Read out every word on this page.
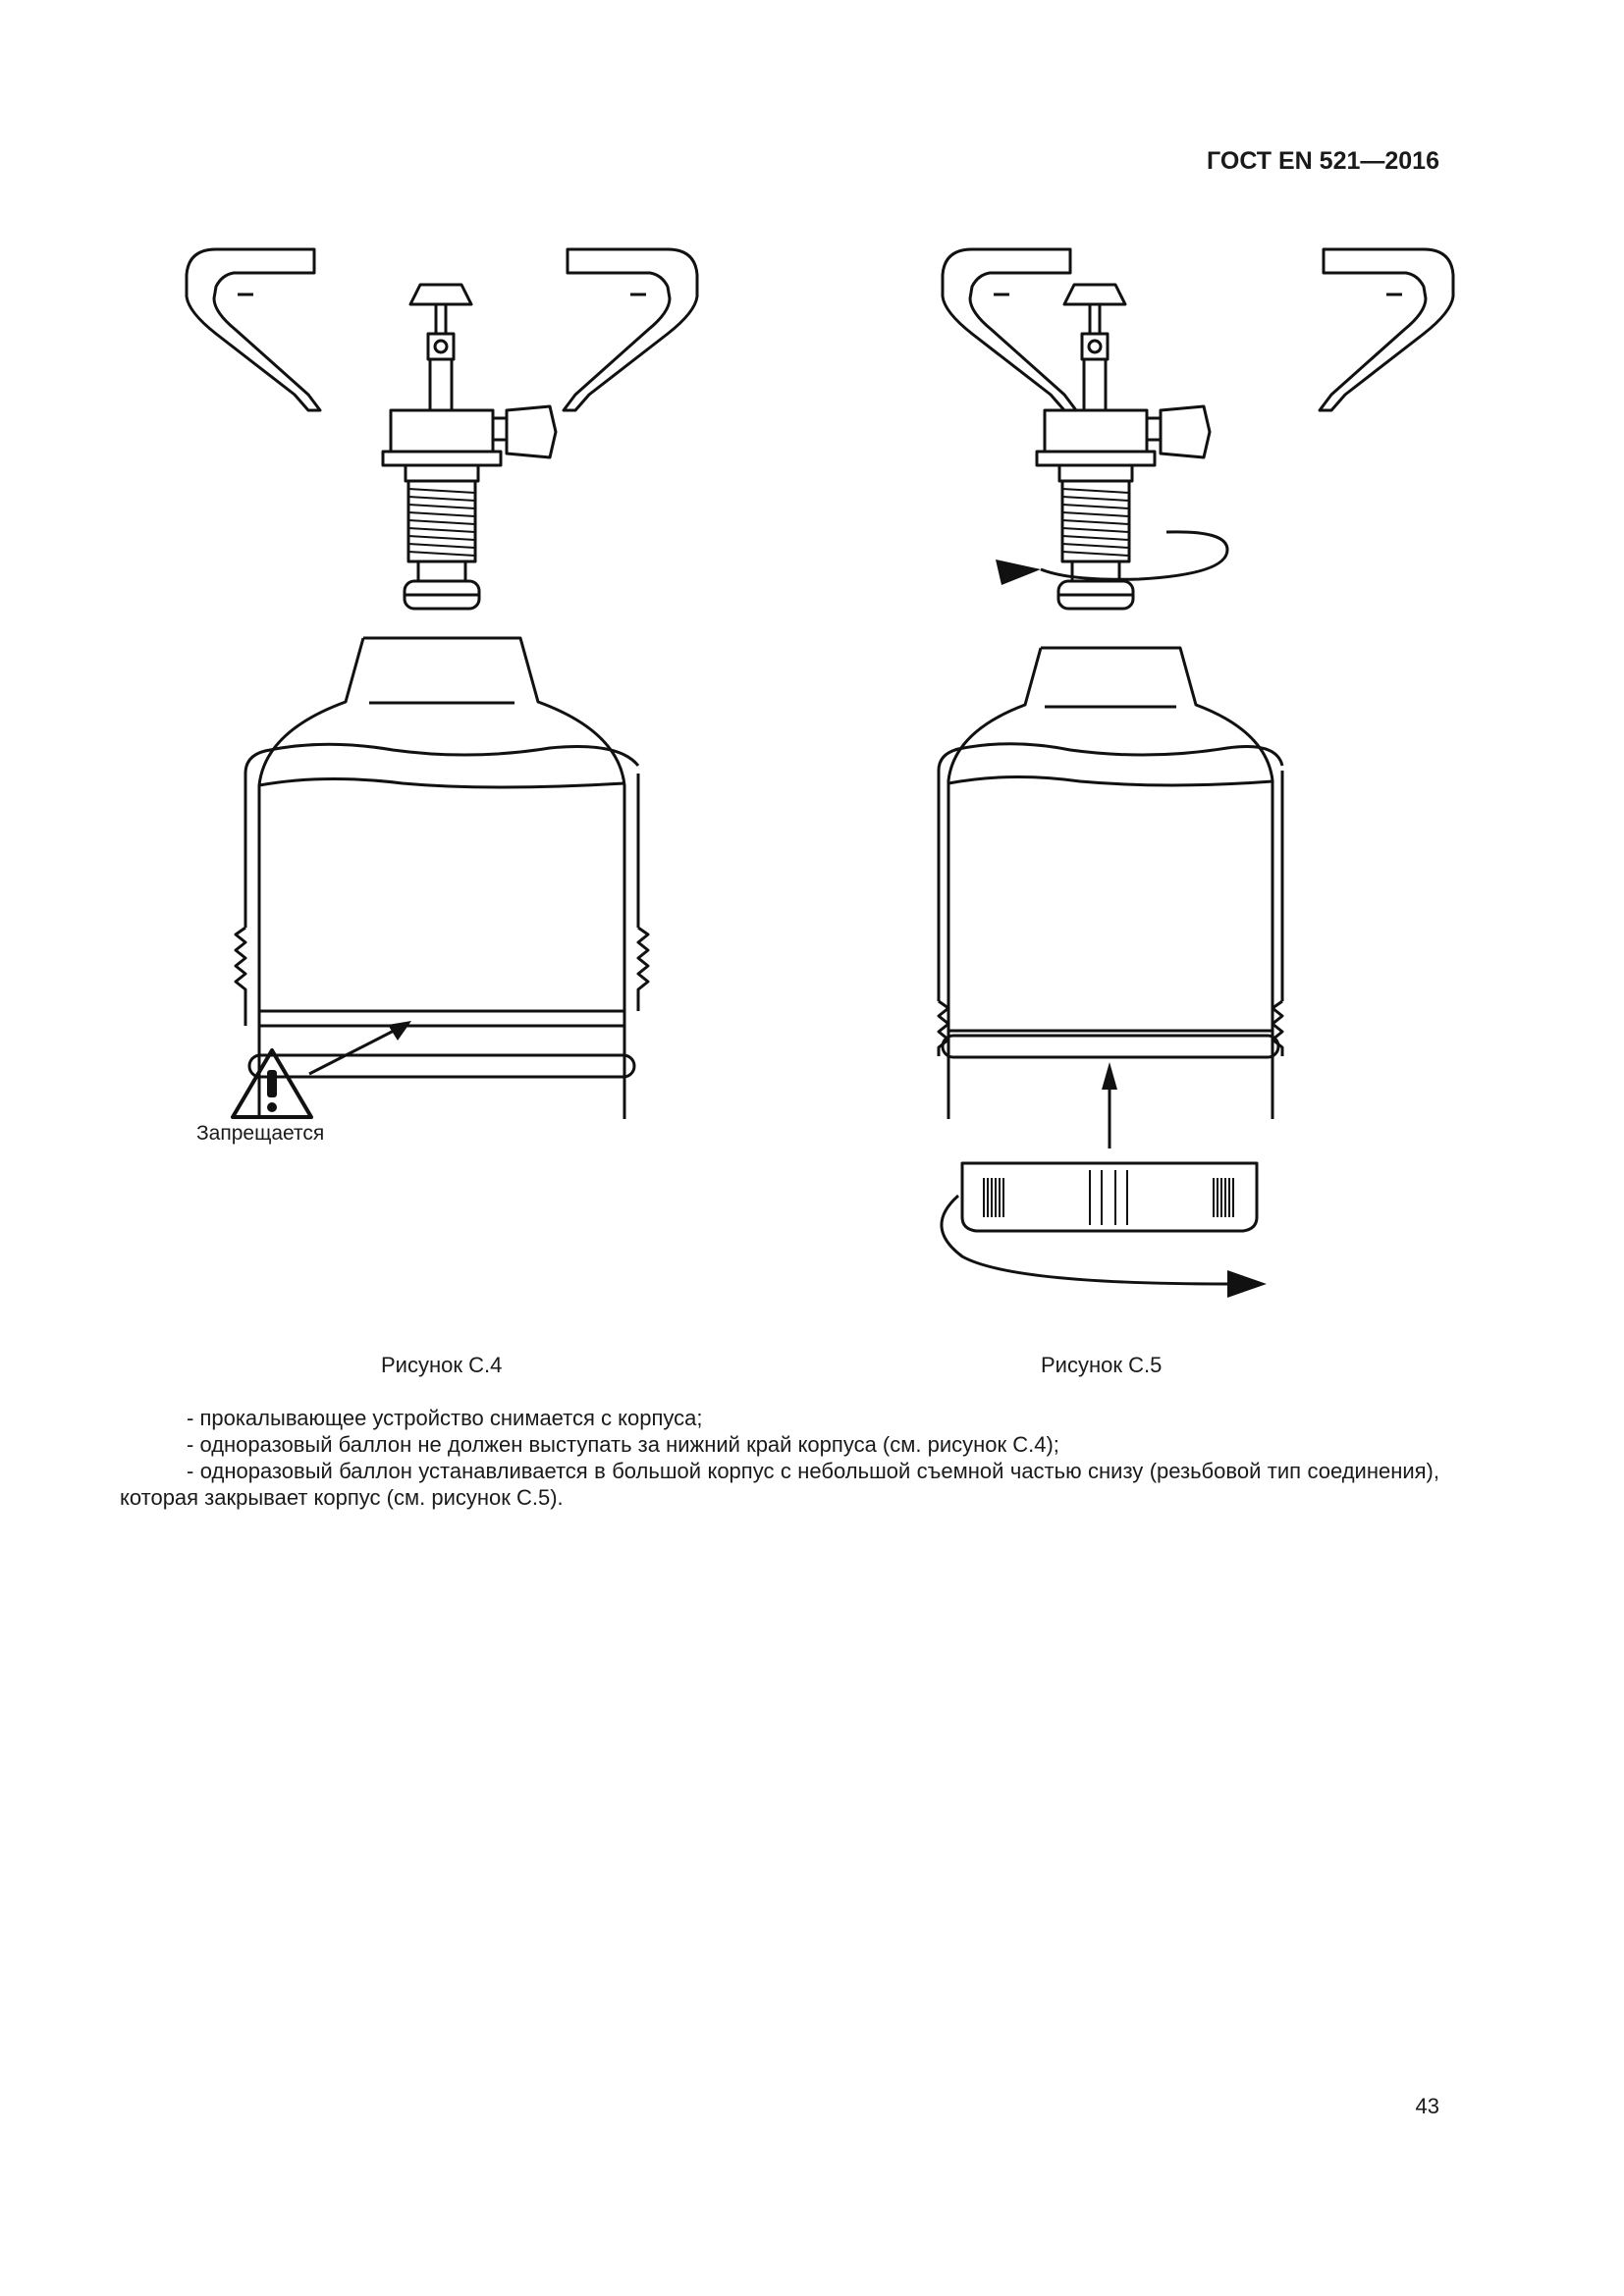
ГОСТ EN 521—2016
Запрещается
Рисунок C.4	Рисунок C.5

- прокалывающее устройство снимается с корпуса;

- одноразовый баллон не должен выступать за нижний край корпуса (см. рисунок С.4);

- одноразовый баллон устанавливается в большой корпус с небольшой съемной частью снизу (резьбовой тип соединения), которая закрывает корпус (см. рисунок С.5).

43
